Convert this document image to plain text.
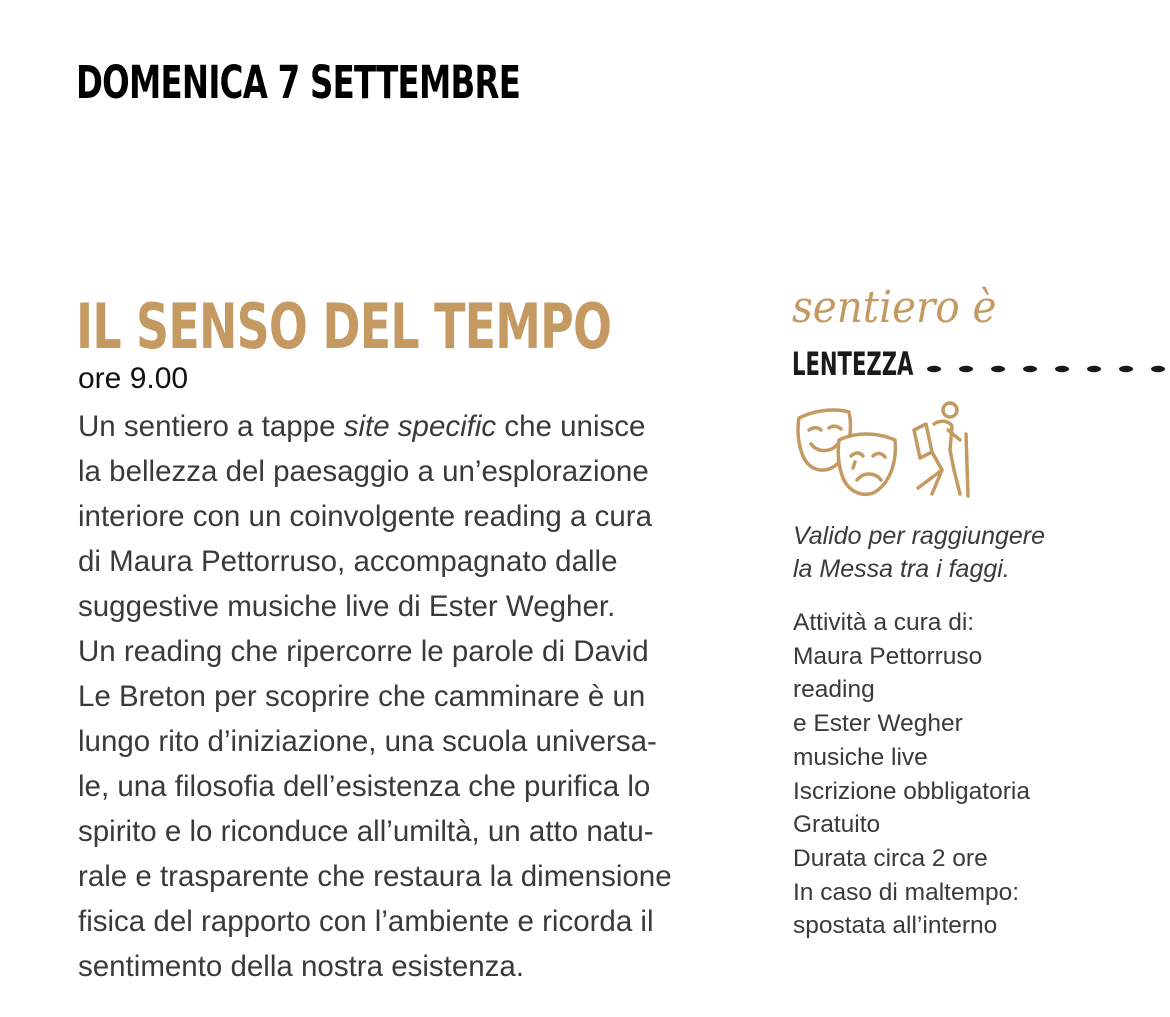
DOMENICA 7 SETTEMBRE
IL SENSO DEL TEMPO

ore 9.00

Un sentiero a tappe site specific che unisce
la bellezza del paesaggio a un’esplorazione
interiore con un coinvolgente reading a cura
di Maura Pettorruso, accompagnato dalle
suggestive musiche live di Ester Wegher.
Un reading che ripercorre le parole di David
Le Breton per scoprire che camminare è un
lungo rito d’iniziazione, una scuola universa-
le, una filosofia dell’esistenza che purifica lo
spirito e lo riconduce all’umiltà, un atto natu-
rale e trasparente che restaura la dimensione
fisica del rapporto con l’ambiente e ricorda il
sentimento della nostra esistenza.

sentiero è

LENTEZZA

Valido per raggiungere
la Messa tra i faggi.

Attività a cura di:
Maura Pettorruso
reading
e Ester Wegher
musiche live
Iscrizione obbligatoria
Gratuito
Durata circa 2 ore
In caso di maltempo:
spostata all’interno
